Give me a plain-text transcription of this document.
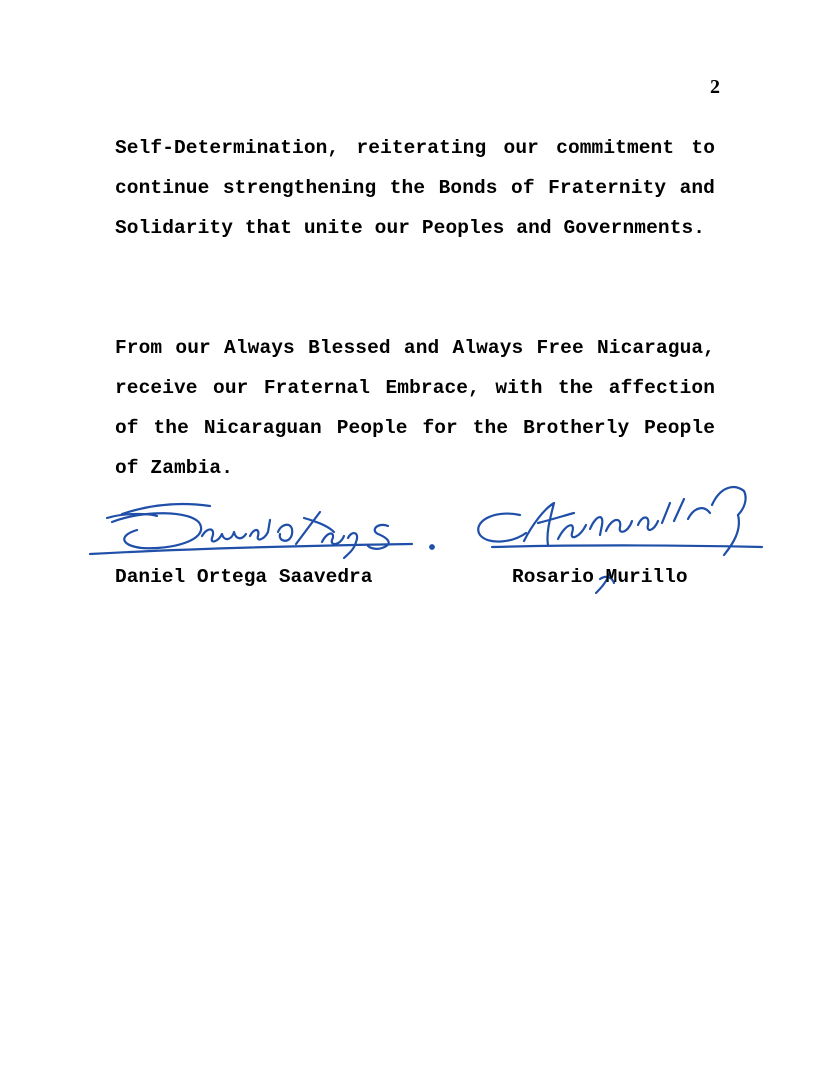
2

Self-Determination, reiterating our commitment to continue strengthening the Bonds of Fraternity and Solidarity that unite our Peoples and Governments.

From our Always Blessed and Always Free Nicaragua, receive our Fraternal Embrace, with the affection of the Nicaraguan People for the Brotherly People of Zambia.

Daniel Ortega Saavedra	Rosario Murillo
